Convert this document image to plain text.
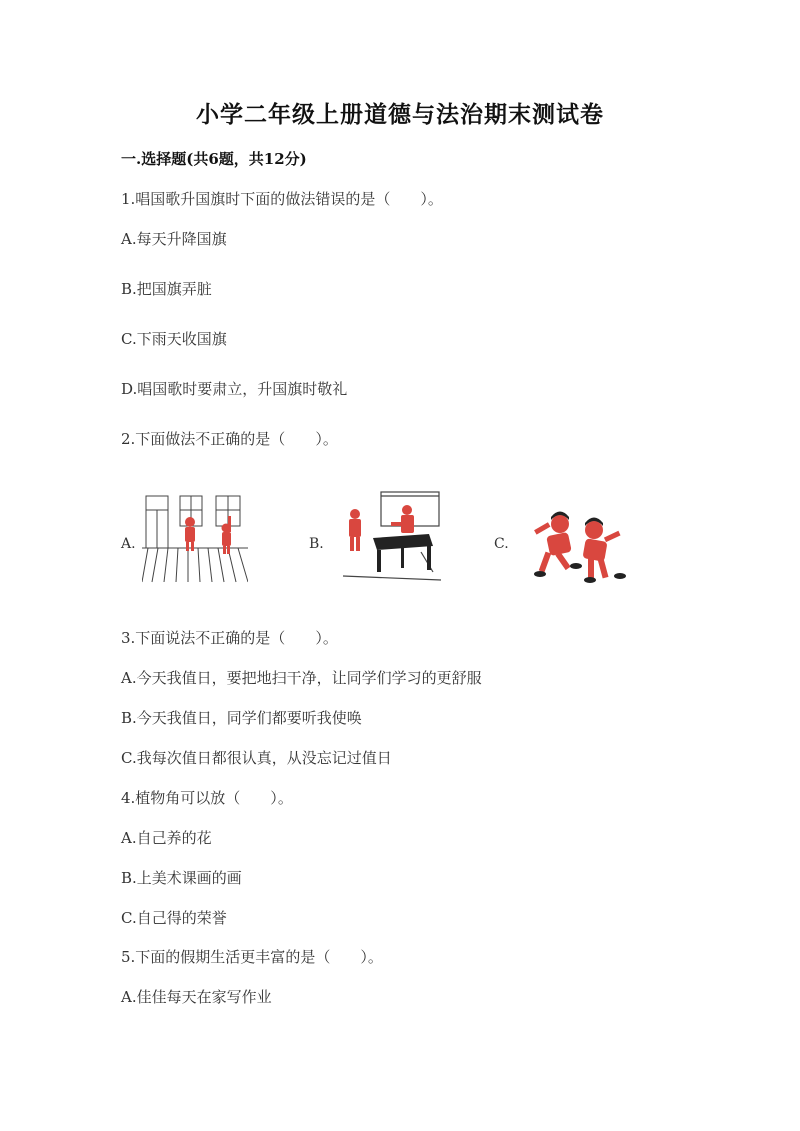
小学二年级上册道德与法治期末测试卷
一.选择题(共6题，共12分)
1.唱国歌升国旗时下面的做法错误的是（　　）。
A.每天升降国旗
B.把国旗弄脏
C.下雨天收国旗
D.唱国歌时要肃立，升国旗时敬礼
2.下面做法不正确的是（　　）。
A.	B.	C.
3.下面说法不正确的是（　　）。
A.今天我值日，要把地扫干净，让同学们学习的更舒服
B.今天我值日，同学们都要听我使唤
C.我每次值日都很认真，从没忘记过值日
4.植物角可以放（　　）。
A.自己养的花
B.上美术课画的画
C.自己得的荣誉
5.下面的假期生活更丰富的是（　　）。
A.佳佳每天在家写作业
